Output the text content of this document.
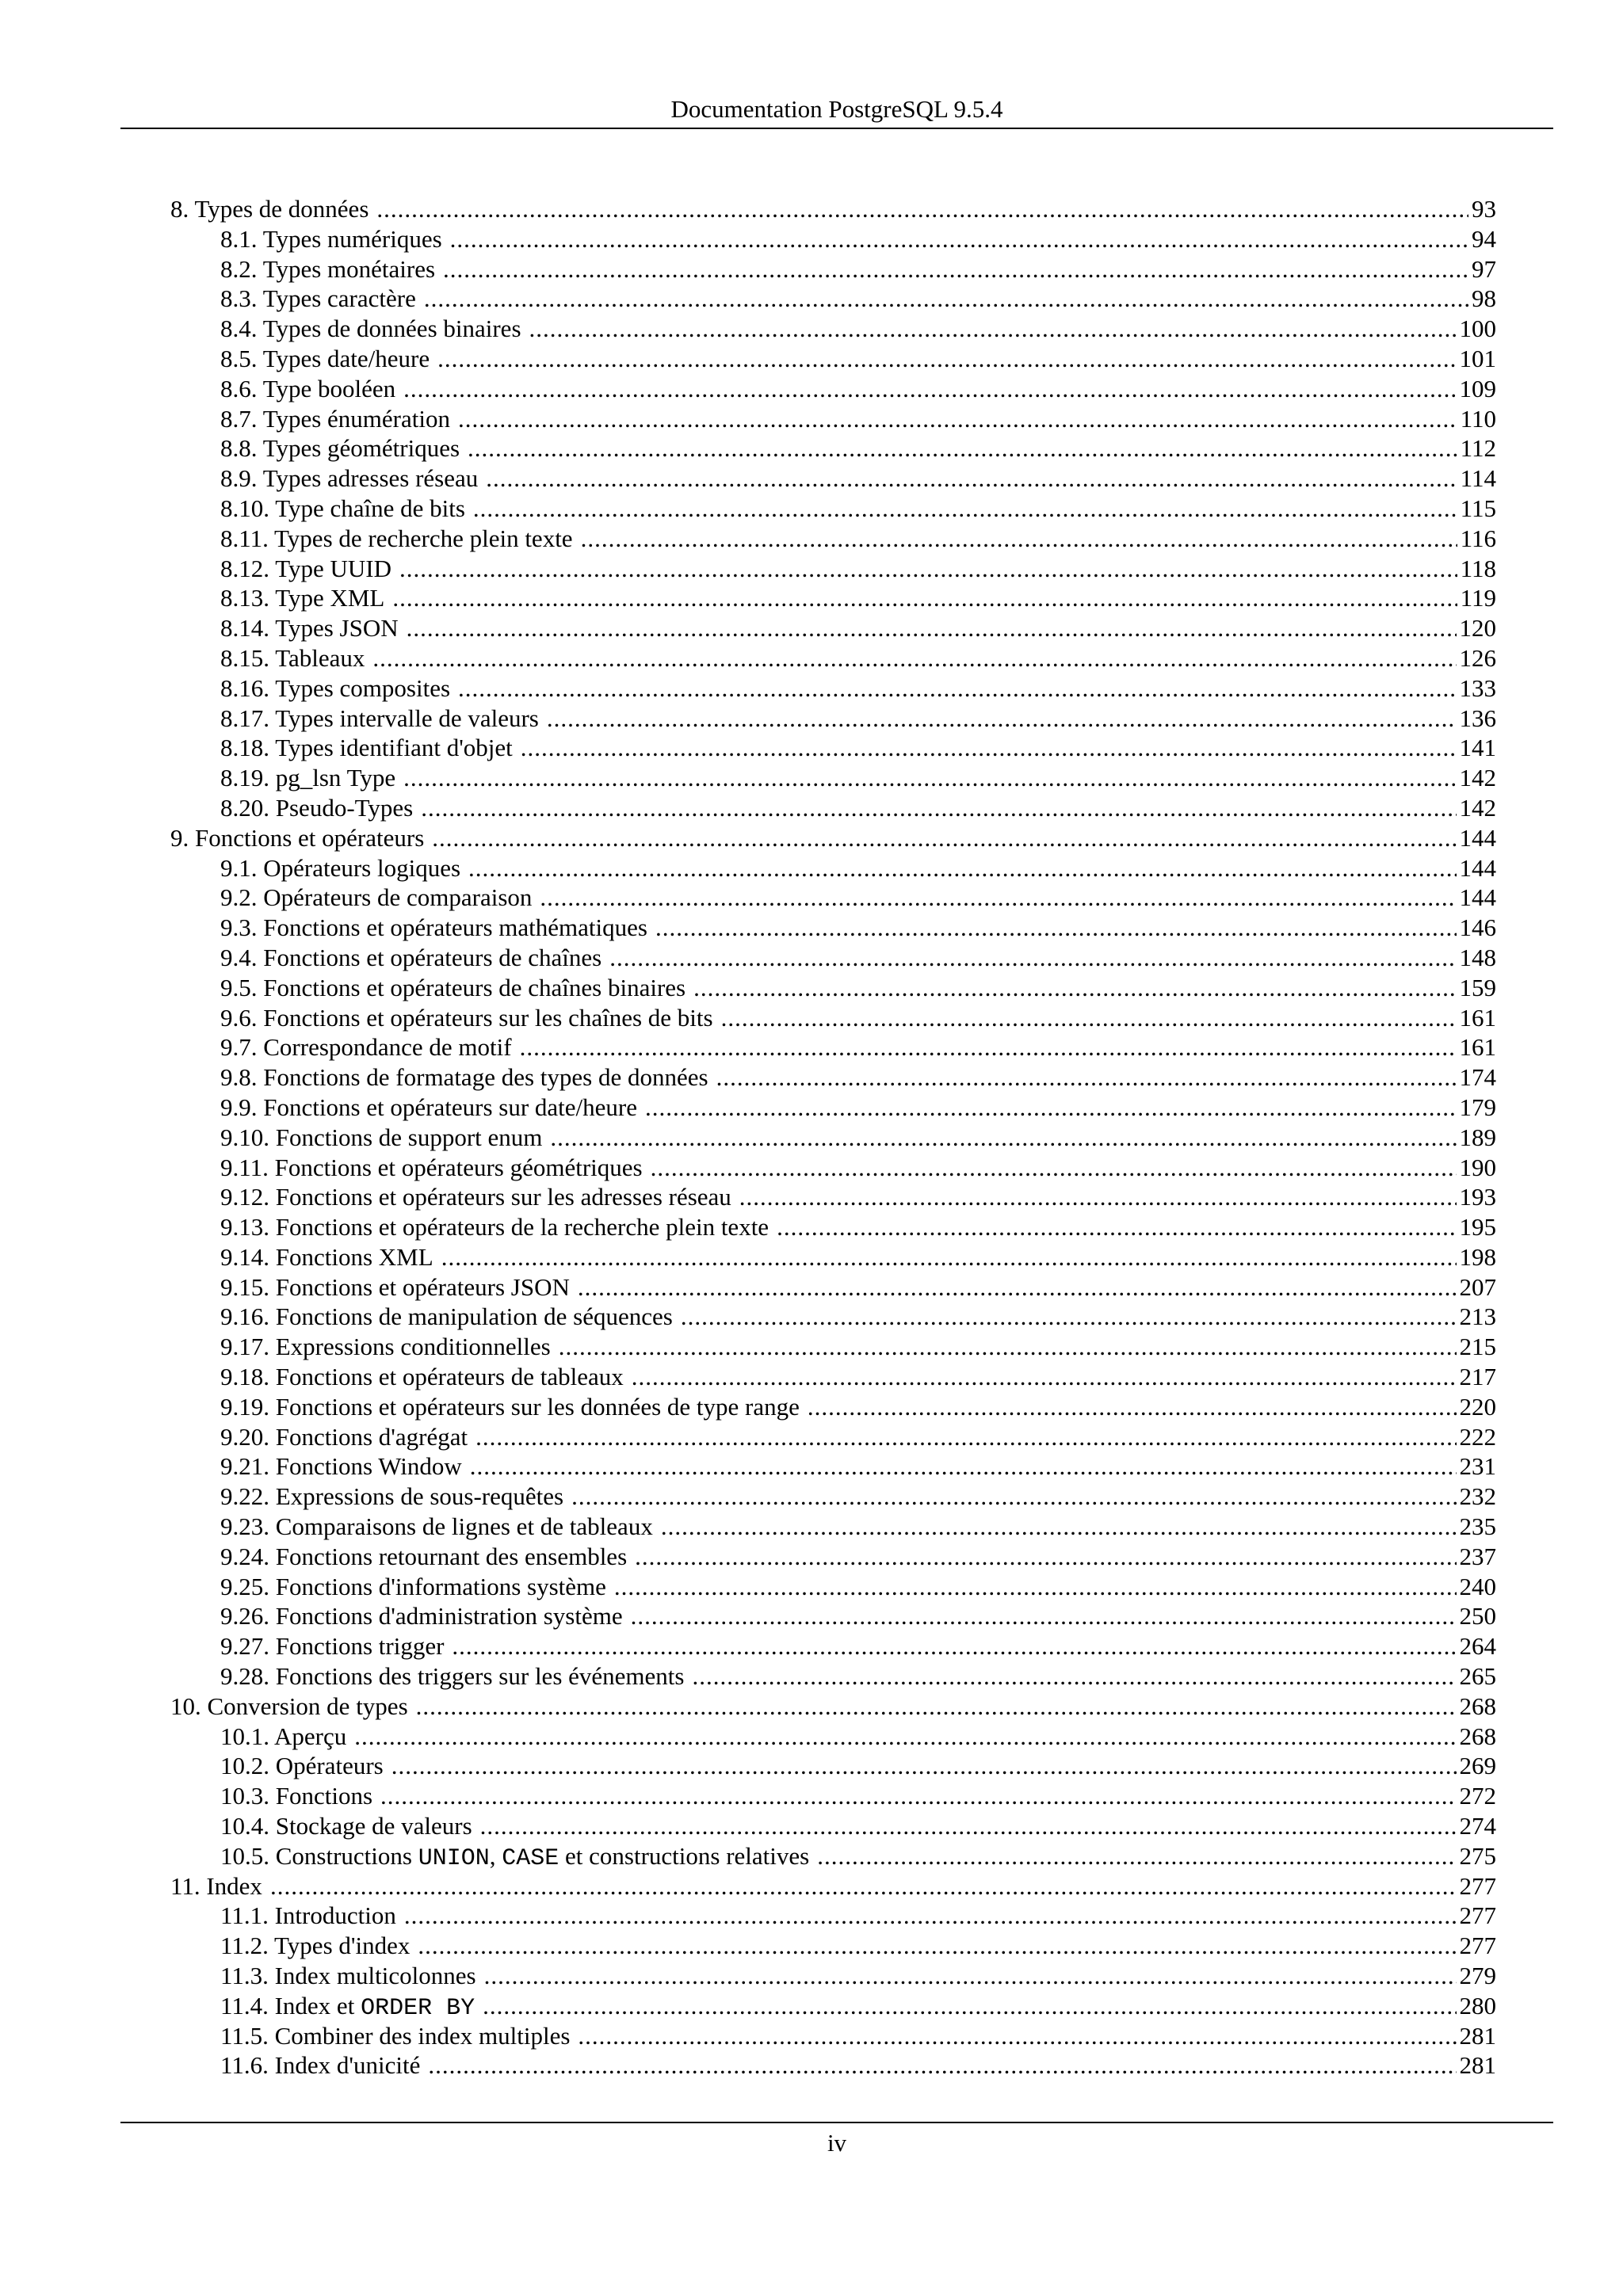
Documentation PostgreSQL 9.5.4
8. Types de données .....	93
8.1. Types numériques .....	94
8.2. Types monétaires .....	97
8.3. Types caractère .....	98
8.4. Types de données binaires .....	100
8.5. Types date/heure .....	101
8.6. Type booléen .....	109
8.7. Types énumération .....	110
8.8. Types géométriques .....	112
8.9. Types adresses réseau .....	114
8.10. Type chaîne de bits .....	115
8.11. Types de recherche plein texte .....	116
8.12. Type UUID .....	118
8.13. Type XML .....	119
8.14. Types JSON .....	120
8.15. Tableaux .....	126
8.16. Types composites .....	133
8.17. Types intervalle de valeurs .....	136
8.18. Types identifiant d'objet .....	141
8.19. pg_lsn Type .....	142
8.20. Pseudo-Types .....	142
9. Fonctions et opérateurs .....	144
9.1. Opérateurs logiques .....	144
9.2. Opérateurs de comparaison .....	144
9.3. Fonctions et opérateurs mathématiques .....	146
9.4. Fonctions et opérateurs de chaînes .....	148
9.5. Fonctions et opérateurs de chaînes binaires .....	159
9.6. Fonctions et opérateurs sur les chaînes de bits .....	161
9.7. Correspondance de motif .....	161
9.8. Fonctions de formatage des types de données .....	174
9.9. Fonctions et opérateurs sur date/heure .....	179
9.10. Fonctions de support enum .....	189
9.11. Fonctions et opérateurs géométriques .....	190
9.12. Fonctions et opérateurs sur les adresses réseau .....	193
9.13. Fonctions et opérateurs de la recherche plein texte .....	195
9.14. Fonctions XML .....	198
9.15. Fonctions et opérateurs JSON .....	207
9.16. Fonctions de manipulation de séquences .....	213
9.17. Expressions conditionnelles .....	215
9.18. Fonctions et opérateurs de tableaux .....	217
9.19. Fonctions et opérateurs sur les données de type range .....	220
9.20. Fonctions d'agrégat .....	222
9.21. Fonctions Window .....	231
9.22. Expressions de sous-requêtes .....	232
9.23. Comparaisons de lignes et de tableaux .....	235
9.24. Fonctions retournant des ensembles .....	237
9.25. Fonctions d'informations système .....	240
9.26. Fonctions d'administration système .....	250
9.27. Fonctions trigger .....	264
9.28. Fonctions des triggers sur les événements .....	265
10. Conversion de types .....	268
10.1. Aperçu .....	268
10.2. Opérateurs .....	269
10.3. Fonctions .....	272
10.4. Stockage de valeurs .....	274
10.5. Constructions UNION, CASE et constructions relatives .....	275
11. Index .....	277
11.1. Introduction .....	277
11.2. Types d'index .....	277
11.3. Index multicolonnes .....	279
11.4. Index et ORDER BY .....	280
11.5. Combiner des index multiples .....	281
11.6. Index d'unicité .....	281
iv
